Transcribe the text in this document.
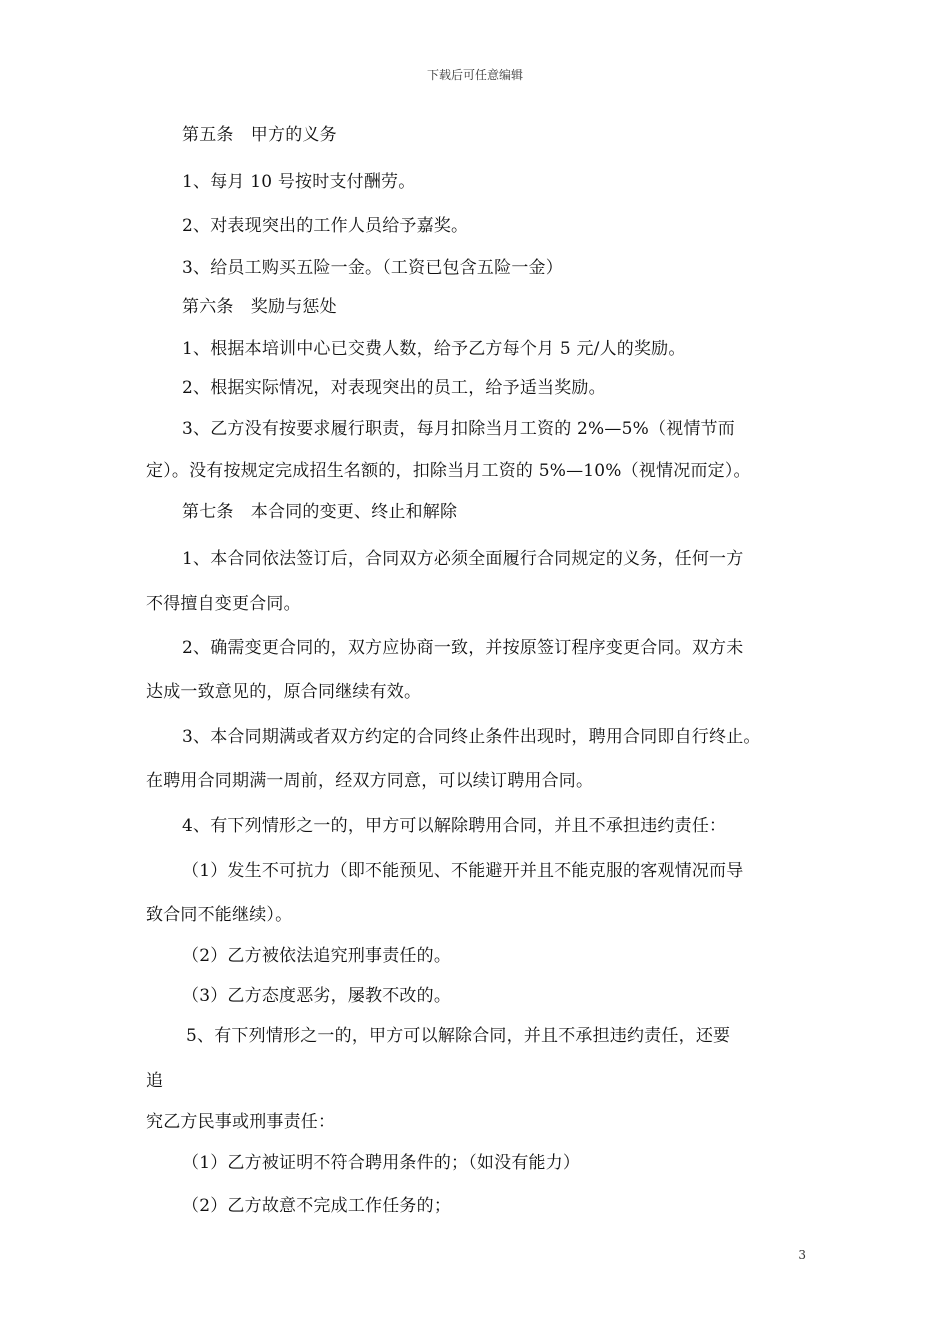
下载后可任意编辑
第五条　甲方的义务
1、每月 10 号按时支付酬劳。
2、对表现突出的工作人员给予嘉奖。
3、给员工购买五险一金。（工资已包含五险一金）
第六条　奖励与惩处
1、根据本培训中心已交费人数，给予乙方每个月 5 元/人的奖励。
2、根据实际情况，对表现突出的员工，给予适当奖励。
3、乙方没有按要求履行职责，每月扣除当月工资的 2%—5%（视情节而
定）。没有按规定完成招生名额的，扣除当月工资的 5%—10%（视情况而定）。
第七条　本合同的变更、终止和解除
1、本合同依法签订后，合同双方必须全面履行合同规定的义务，任何一方
不得擅自变更合同。
2、确需变更合同的，双方应协商一致，并按原签订程序变更合同。双方未
达成一致意见的，原合同继续有效。
3、本合同期满或者双方约定的合同终止条件出现时，聘用合同即自行终止。
在聘用合同期满一周前，经双方同意，可以续订聘用合同。
4、有下列情形之一的，甲方可以解除聘用合同，并且不承担违约责任：
（1）发生不可抗力（即不能预见、不能避开并且不能克服的客观情况而导
致合同不能继续）。
（2）乙方被依法追究刑事责任的。
（3）乙方态度恶劣，屡教不改的。
5、有下列情形之一的，甲方可以解除合同，并且不承担违约责任，还要
追
究乙方民事或刑事责任：
（1）乙方被证明不符合聘用条件的；（如没有能力）
（2）乙方故意不完成工作任务的；
3
